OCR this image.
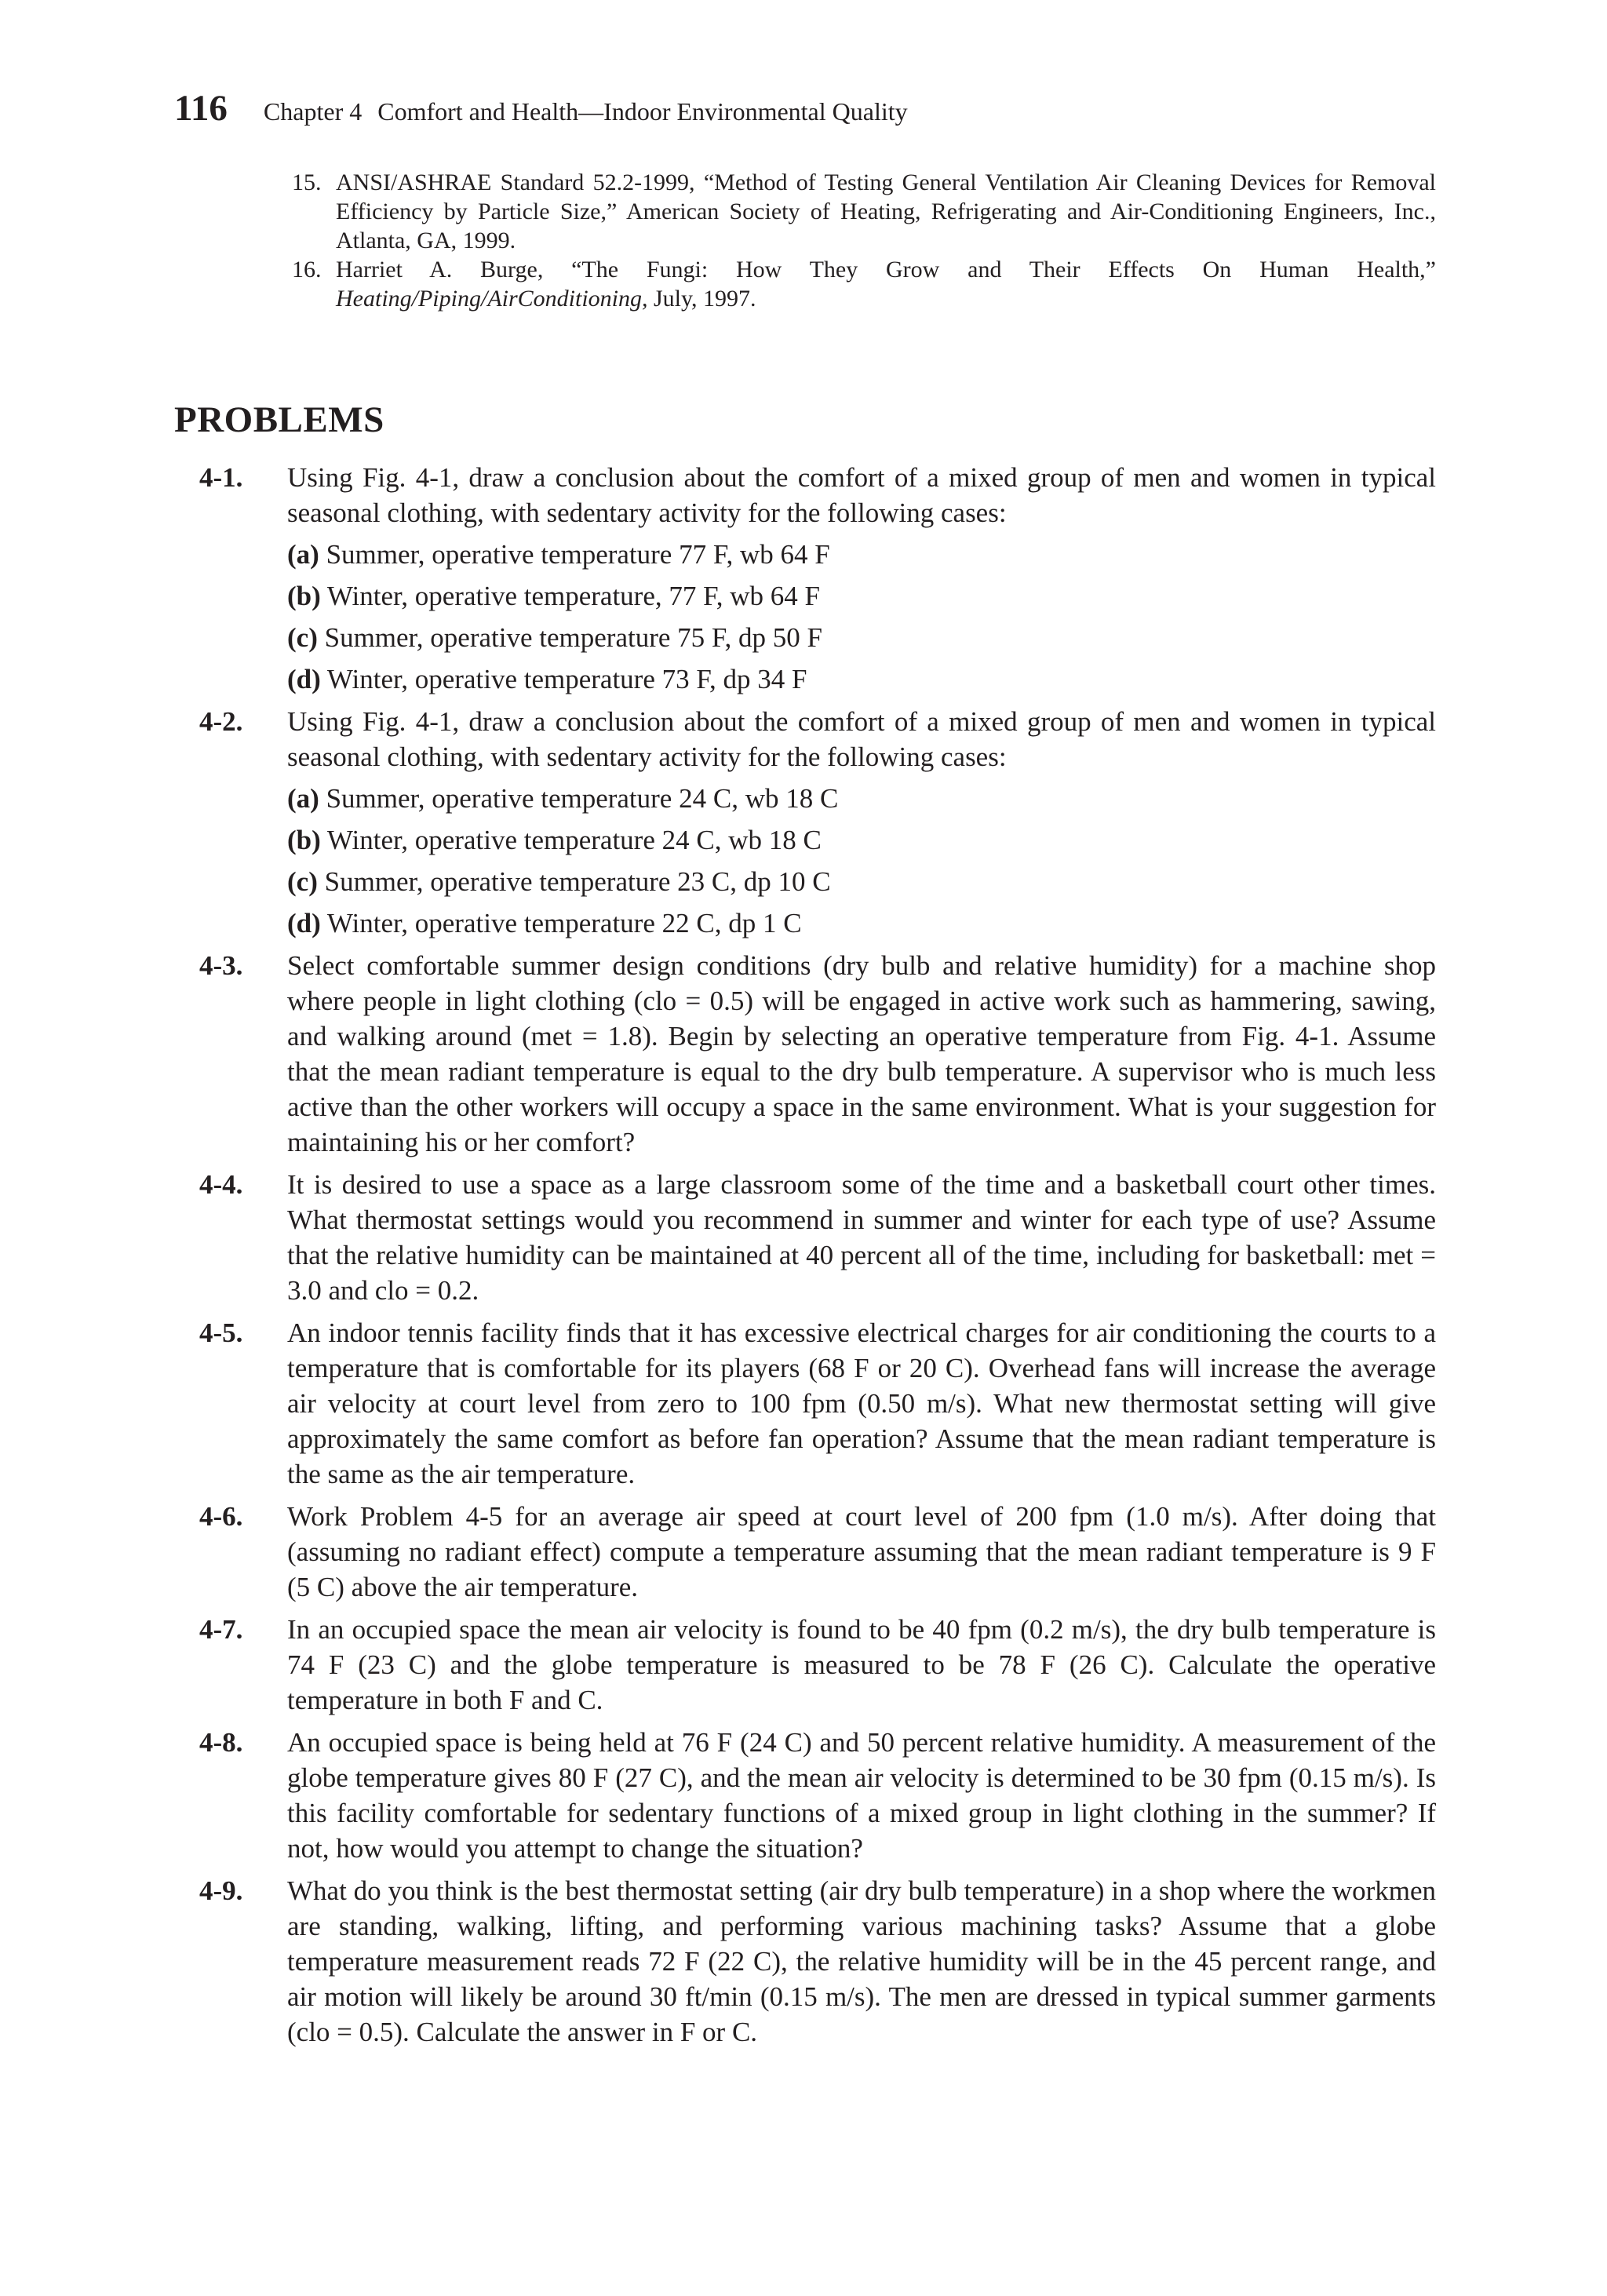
116 Chapter 4 Comfort and Health—Indoor Environmental Quality
15. ANSI/ASHRAE Standard 52.2-1999, “Method of Testing General Ventilation Air Cleaning Devices for Removal Efficiency by Particle Size,” American Society of Heating, Refrigerating and Air-Conditioning Engineers, Inc., Atlanta, GA, 1999.
16. Harriet A. Burge, “The Fungi: How They Grow and Their Effects On Human Health,” Heating/Piping/AirConditioning, July, 1997.
PROBLEMS
4-1.	Using Fig. 4-1, draw a conclusion about the comfort of a mixed group of men and women in typical seasonal clothing, with sedentary activity for the following cases:
(a) Summer, operative temperature 77 F, wb 64 F
(b) Winter, operative temperature, 77 F, wb 64 F
(c) Summer, operative temperature 75 F, dp 50 F
(d) Winter, operative temperature 73 F, dp 34 F
4-2.	Using Fig. 4-1, draw a conclusion about the comfort of a mixed group of men and women in typical seasonal clothing, with sedentary activity for the following cases:
(a) Summer, operative temperature 24 C, wb 18 C
(b) Winter, operative temperature 24 C, wb 18 C
(c) Summer, operative temperature 23 C, dp 10 C
(d) Winter, operative temperature 22 C, dp 1 C
4-3.	Select comfortable summer design conditions (dry bulb and relative humidity) for a machine shop where people in light clothing (clo = 0.5) will be engaged in active work such as hammering, sawing, and walking around (met = 1.8). Begin by selecting an operative temperature from Fig. 4-1. Assume that the mean radiant temperature is equal to the dry bulb temperature. A supervisor who is much less active than the other workers will occupy a space in the same environment. What is your suggestion for maintaining his or her comfort?
4-4.	It is desired to use a space as a large classroom some of the time and a basketball court other times. What thermostat settings would you recommend in summer and winter for each type of use? Assume that the relative humidity can be maintained at 40 percent all of the time, including for basketball: met = 3.0 and clo = 0.2.
4-5.	An indoor tennis facility finds that it has excessive electrical charges for air conditioning the courts to a temperature that is comfortable for its players (68 F or 20 C). Overhead fans will increase the average air velocity at court level from zero to 100 fpm (0.50 m/s). What new thermostat setting will give approximately the same comfort as before fan operation? Assume that the mean radiant temperature is the same as the air temperature.
4-6.	Work Problem 4-5 for an average air speed at court level of 200 fpm (1.0 m/s). After doing that (assuming no radiant effect) compute a temperature assuming that the mean radiant temperature is 9 F (5 C) above the air temperature.
4-7.	In an occupied space the mean air velocity is found to be 40 fpm (0.2 m/s), the dry bulb temperature is 74 F (23 C) and the globe temperature is measured to be 78 F (26 C). Calculate the operative temperature in both F and C.
4-8.	An occupied space is being held at 76 F (24 C) and 50 percent relative humidity. A measurement of the globe temperature gives 80 F (27 C), and the mean air velocity is determined to be 30 fpm (0.15 m/s). Is this facility comfortable for sedentary functions of a mixed group in light clothing in the summer? If not, how would you attempt to change the situation?
4-9.	What do you think is the best thermostat setting (air dry bulb temperature) in a shop where the workmen are standing, walking, lifting, and performing various machining tasks? Assume that a globe temperature measurement reads 72 F (22 C), the relative humidity will be in the 45 percent range, and air motion will likely be around 30 ft/min (0.15 m/s). The men are dressed in typical summer garments (clo = 0.5). Calculate the answer in F or C.
